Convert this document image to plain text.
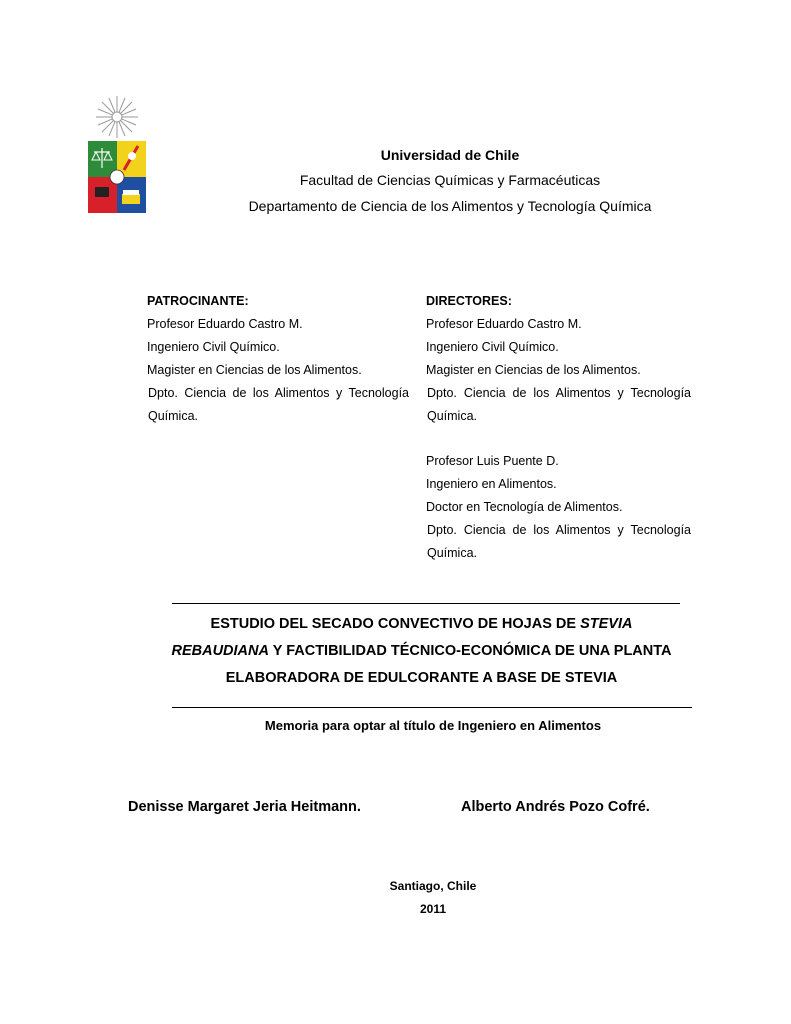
Universidad de Chile
Facultad de Ciencias Químicas y Farmacéuticas
Departamento de Ciencia de los Alimentos y Tecnología Química
PATROCINANTE:
Profesor Eduardo Castro M.
Ingeniero Civil Químico.
Magister en Ciencias de los Alimentos.
Dpto. Ciencia de los Alimentos y Tecnología
Química.
DIRECTORES:
Profesor Eduardo Castro M.
Ingeniero Civil Químico.
Magister en Ciencias de los Alimentos.
Dpto. Ciencia de los Alimentos y Tecnología
Química.
Profesor Luis Puente D.
Ingeniero en Alimentos.
Doctor en Tecnología de Alimentos.
Dpto. Ciencia de los Alimentos y Tecnología
Química.
ESTUDIO DEL SECADO CONVECTIVO DE HOJAS DE STEVIA
REBAUDIANA Y FACTIBILIDAD TÉCNICO-ECONÓMICA DE UNA PLANTA
ELABORADORA DE EDULCORANTE A BASE DE STEVIA
Memoria para optar al título de Ingeniero en Alimentos
Denisse Margaret Jeria Heitmann.	Alberto Andrés Pozo Cofré.
Santiago, Chile
2011
